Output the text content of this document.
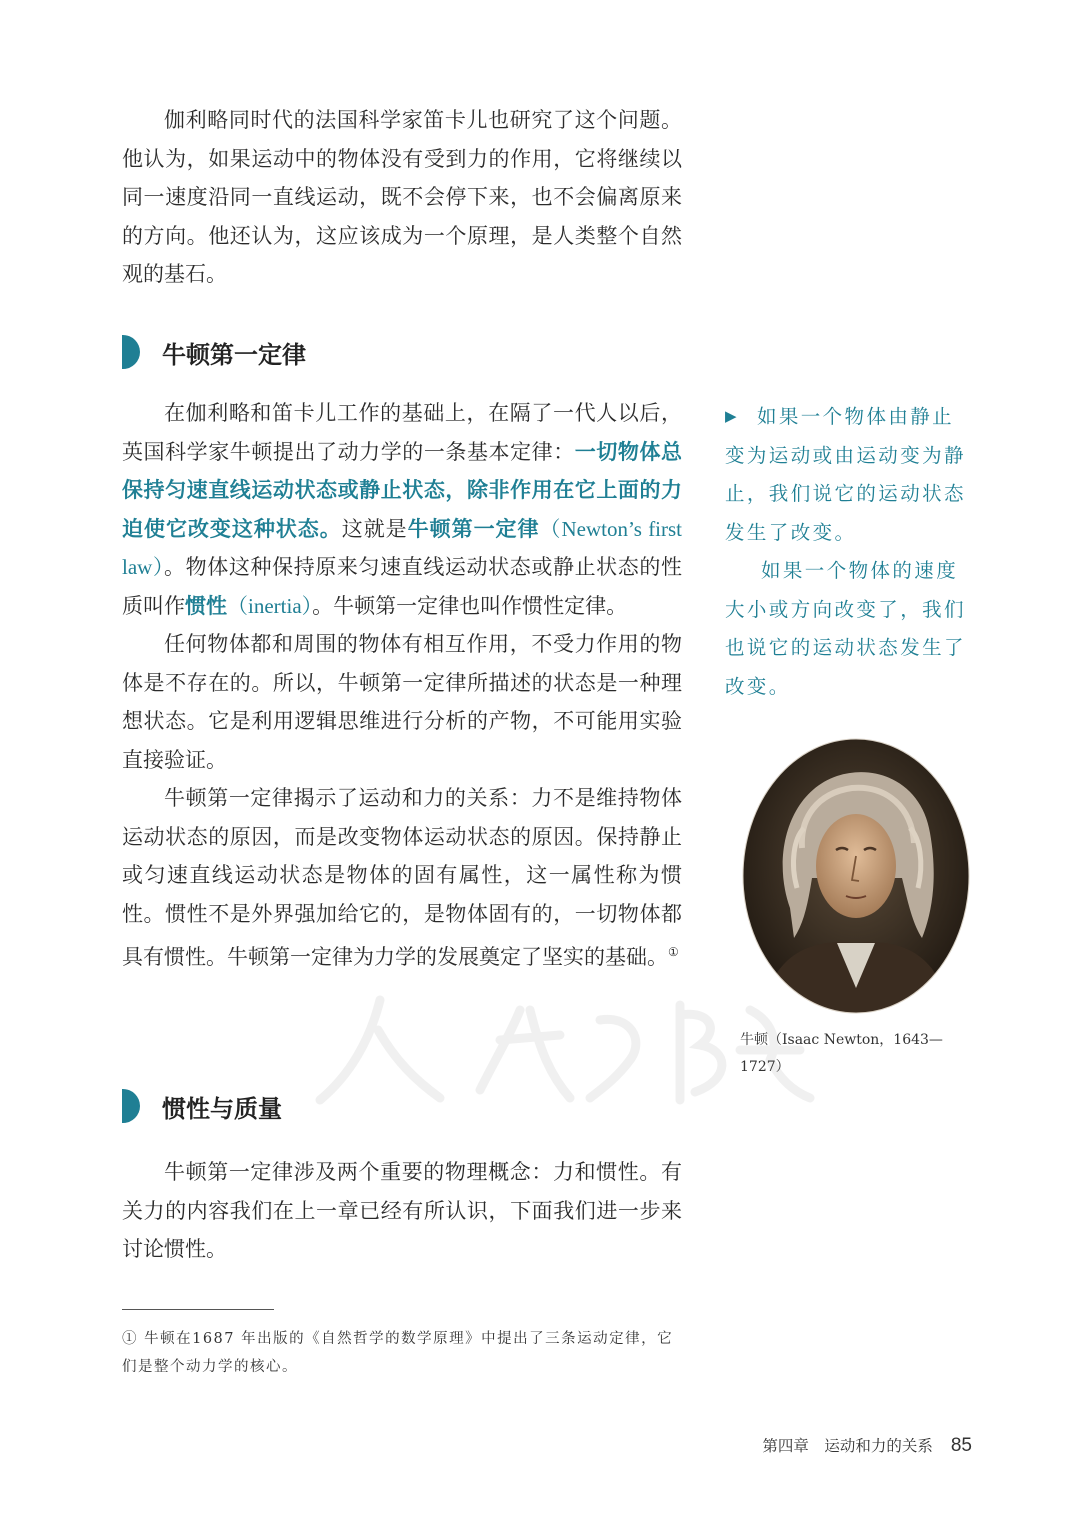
伽利略同时代的法国科学家笛卡儿也研究了这个问题。他认为，如果运动中的物体没有受到力的作用，它将继续以同一速度沿同一直线运动，既不会停下来，也不会偏离原来的方向。他还认为，这应该成为一个原理，是人类整个自然观的基石。

牛顿第一定律

在伽利略和笛卡儿工作的基础上，在隔了一代人以后，英国科学家牛顿提出了动力学的一条基本定律：一切物体总保持匀速直线运动状态或静止状态，除非作用在它上面的力迫使它改变这种状态。这就是牛顿第一定律（Newton’s first law）。物体这种保持原来匀速直线运动状态或静止状态的性质叫作惯性（inertia）。牛顿第一定律也叫作惯性定律。

任何物体都和周围的物体有相互作用，不受力作用的物体是不存在的。所以，牛顿第一定律所描述的状态是一种理想状态。它是利用逻辑思维进行分析的产物，不可能用实验直接验证。

牛顿第一定律揭示了运动和力的关系：力不是维持物体运动状态的原因，而是改变物体运动状态的原因。保持静止或匀速直线运动状态是物体的固有属性，这一属性称为惯性。惯性不是外界强加给它的，是物体固有的，一切物体都具有惯性。牛顿第一定律为力学的发展奠定了坚实的基础。①

惯性与质量

牛顿第一定律涉及两个重要的物理概念：力和惯性。有关力的内容我们在上一章已经有所认识，下面我们进一步来讨论惯性。

▶ 如果一个物体由静止变为运动或由运动变为静止，我们说它的运动状态发生了改变。

如果一个物体的速度大小或方向改变了，我们也说它的运动状态发生了改变。

牛顿（Isaac Newton，1643—1727）

① 牛顿在1687 年出版的《自然哲学的数学原理》中提出了三条运动定律，它们是整个动力学的核心。

第四章　运动和力的关系 85
